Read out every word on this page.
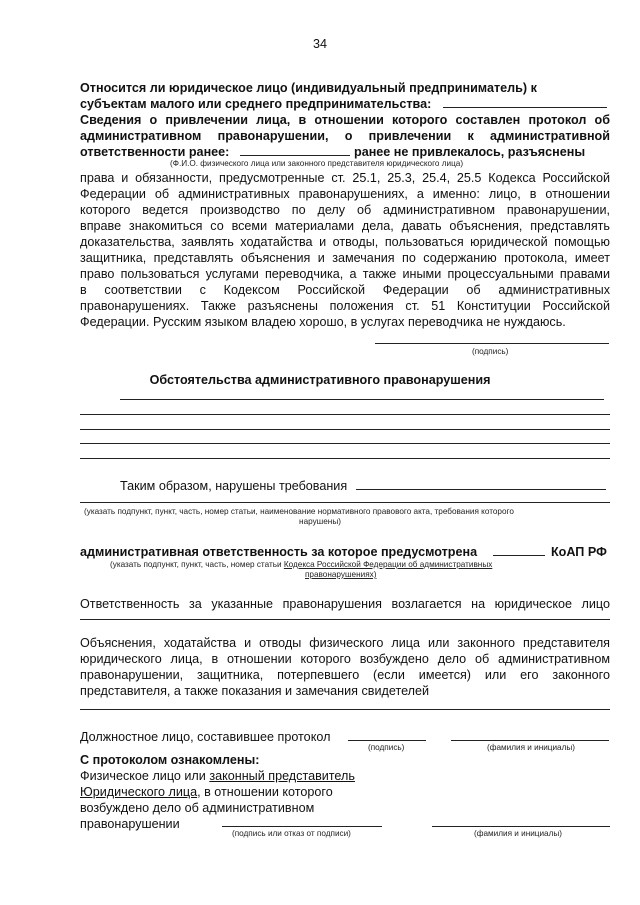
34
Относится ли юридическое лицо (индивидуальный предприниматель) к
субъектам малого или среднего предпринимательства:
Сведения о привлечении лица, в отношении которого составлен протокол об
административном правонарушении, о привлечении к административной
ответственности ранее:	ранее не привлекалось, разъяснены
(Ф.И.О. физического лица или законного представителя юридического лица)
права и обязанности, предусмотренные ст. 25.1, 25.3, 25.4, 25.5 Кодекса Российской
Федерации об административных правонарушениях, а именно: лицо, в отношении
которого ведется производство по делу об административном правонарушении,
вправе знакомиться со всеми материалами дела, давать объяснения, представлять
доказательства, заявлять ходатайства и отводы, пользоваться юридической помощью
защитника, представлять объяснения и замечания по содержанию протокола, имеет
право пользоваться услугами переводчика, а также иными процессуальными правами
в соответствии с Кодексом Российской Федерации об административных
правонарушениях. Также разъяснены положения ст. 51 Конституции Российской
Федерации. Русским языком владею хорошо, в услугах переводчика не нуждаюсь.
(подпись)
Обстоятельства административного правонарушения
Таким образом, нарушены требования
(указать подпункт, пункт, часть, номер статьи, наименование нормативного правового акта, требования которого
нарушены)
административная ответственность за которое предусмотрена	КоАП РФ
(указать подпункт, пункт, часть, номер статьи Кодекса Российской Федерации об административных
правонарушениях)
Ответственность за указанные правонарушения возлагается на юридическое лицо
Объяснения, ходатайства и отводы физического лица или законного представителя
юридического лица, в отношении которого возбуждено дело об административном
правонарушении, защитника, потерпевшего (если имеется) или его законного
представителя, а также показания и замечания свидетелей
Должностное лицо, составившее протокол
(подпись)	(фамилия и инициалы)
С протоколом ознакомлены:
Физическое лицо или законный представитель
Юридического лица, в отношении которого
возбуждено дело об административном
правонарушении
(подпись или отказ от подписи)	(фамилия и инициалы)
